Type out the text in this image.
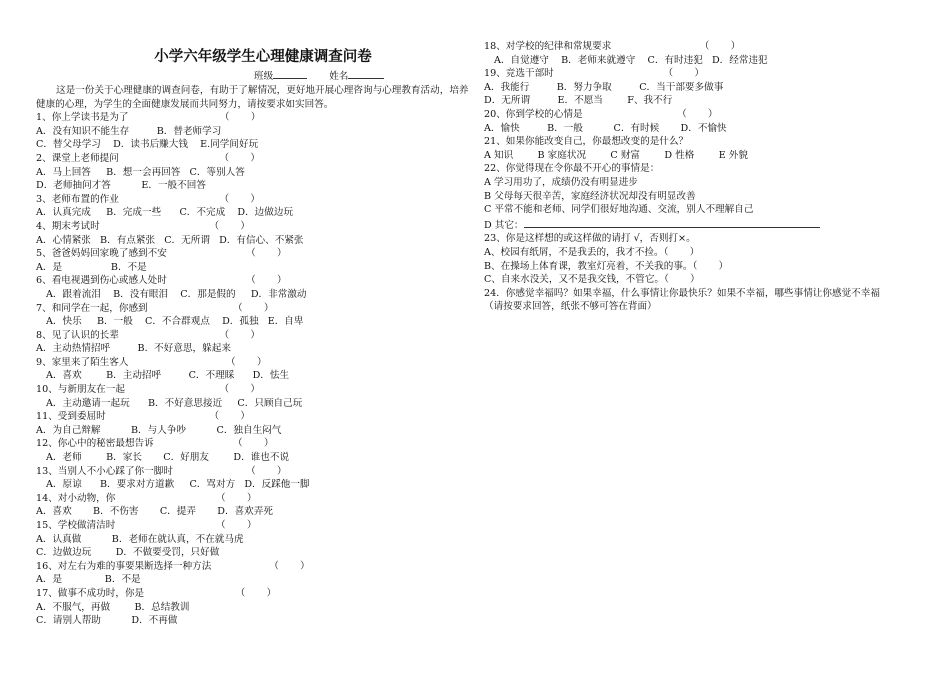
小学六年级学生心理健康调查问卷
班级	姓名
这是一份关于心理健康的调查问卷，有助于了解情况，更好地开展心理咨询与心理教育活动，培养健康的心理，为学生的全面健康发展而共同努力，请按要求如实回答。
1、你上学读书是为了                              （       ）
A．没有知识不能生存         B．替老师学习
C．替父母学习    D．读书后赚大钱    E.同学间好玩
2、课堂上老师提问                                 （       ）
A．马上回答     B．想一会再回答   C．等别人答
D．老师抽问才答          E．一般不回答
3、老师布置的作业                                 （       ）
A．认真完成     B．完成一些      C．不完成    D．边做边玩
4、期末考试时                                    （       ）
A．心情紧张   B．有点紧张   C．无所谓   D．有信心、不紧张
5、爸爸妈妈回家晚了感到不安                          （       ）
A．是                B．不是
6、看电视遇到伤心或感人处时                          （       ）
A．跟着流泪    B．没有眼泪    C．那是假的     D．非常激动
7、和同学在一起，你感到                            （       ）
A．快乐     B．一般    C．不合群观点    D．孤独   E．自卑
8、见了认识的长辈                                 （       ）
A．主动热情招呼         B．不好意思，躲起来
9、家里来了陌生客人                                （       ）
A．喜欢        B．主动招呼         C．不理睬      D．怯生
10、与新朋友在一起                               （       ）
A．主动邀请一起玩      B．不好意思接近     C．只顾自己玩
11、受到委屈时                                  （       ）
A．为自己辩解          B．与人争吵          C．独自生闷气
12、你心中的秘密最想告诉                          （       ）
A．老师        B．家长       C．好朋友        D．谁也不说
13、当别人不小心踩了你一脚时                        （       ）
A．原谅      B．要求对方道歉     C．骂对方   D．反踩他一脚
14、对小动物，你                                 （       ）
A．喜欢       B．不伤害       C．提弄       D．喜欢弄死
15、学校做清洁时                                 （       ）
A．认真做          B．老师在就认真，不在就马虎
C．边做边玩        D．不做要受罚，只好做
16、对左右为难的事要果断选择一种方法                   （       ）
A．是              B．不是
17、做事不成功时，你是                              （       ）
A．不服气，再做        B．总结教训
C．请别人帮助          D．不再做
18、对学校的纪律和常规要求                             （       ）
A．自觉遵守    B．老师来就遵守    C．有时违犯   D．经常违犯
19、竞选干部时                                    （       ）
A．我能行         B．努力争取         C．当干部要多做事
D．无所谓         E．不愿当        F、我不行
20、你到学校的心情是                               （       ）
A．愉快         B．一般          C．有时候       D．不愉快
21、如果你能改变自己，你最想改变的是什么？
A 知识        B 家庭状况        C 财富        D 性格        E 外貌
22、你觉得现在令你最不开心的事情是：
A 学习用功了，成绩仍没有明显进步
B 父母每天很辛苦，家庭经济状况却没有明显改善
C 平常不能和老师、同学们很好地沟通、交流，别人不理解自己
D 其它：
23、你是这样想的或这样做的请打 √，否则打×。
A、校园有纸屑，不是我丢的，我才不捡。（       ）
B、在操场上体育课，教室灯亮着，不关我的事。（       ）
C、自来水没关，又不是我交钱，不管它。（       ）
24．你感觉幸福吗？如果幸福，什么事情让你最快乐？如果不幸福，哪些事情让你感觉不幸福
（请按要求回答，纸张不够可答在背面）
